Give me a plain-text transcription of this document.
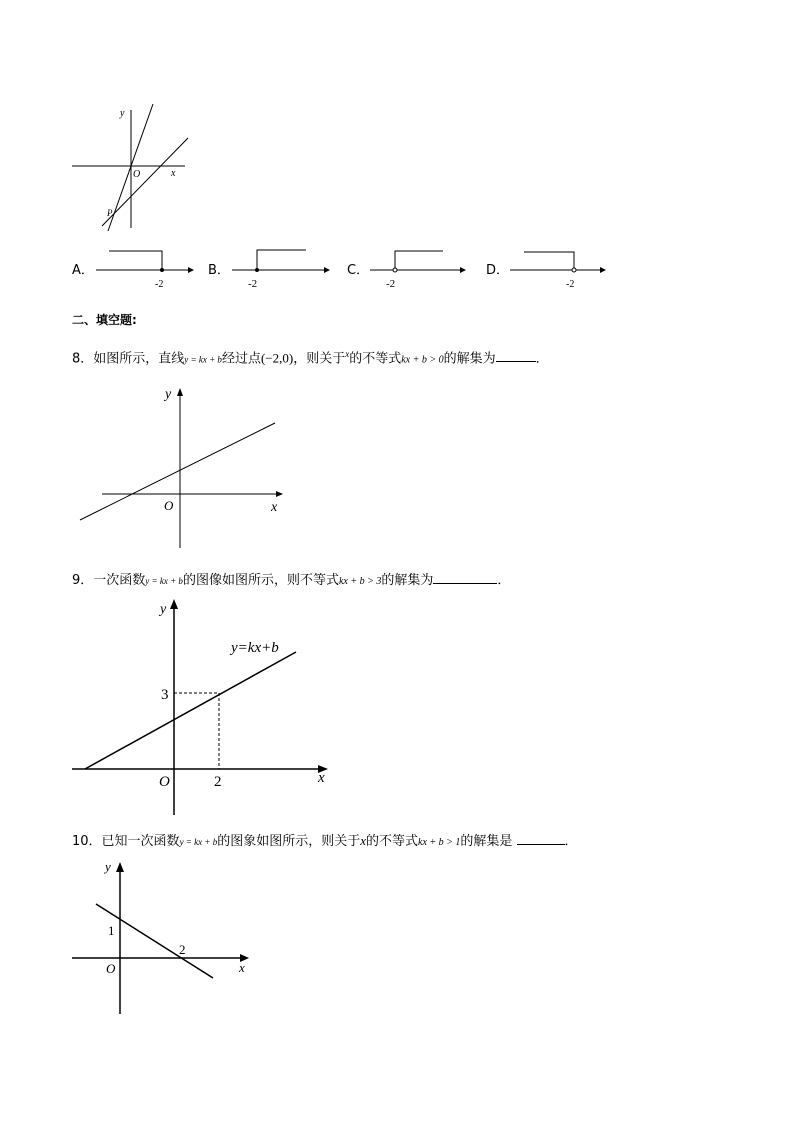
y
x
O
P
A．
-2
B．
-2
C．
-2
D．
-2
二、填空题:
8．如图所示，直线y = kx + b经过点(−2,0)，则关于$^x$的不等式kx + b > 0的解集为	．
y
x
O
9．一次函数y = kx + b的图像如图所示，则不等式kx + b > 3的解集为	．
y
x
O
y=kx+b
3
2
10．已知一次函数y = kx + b的图象如图所示，则关于x的不等式kx + b > 1的解集是	．
y
x
O
1
2
